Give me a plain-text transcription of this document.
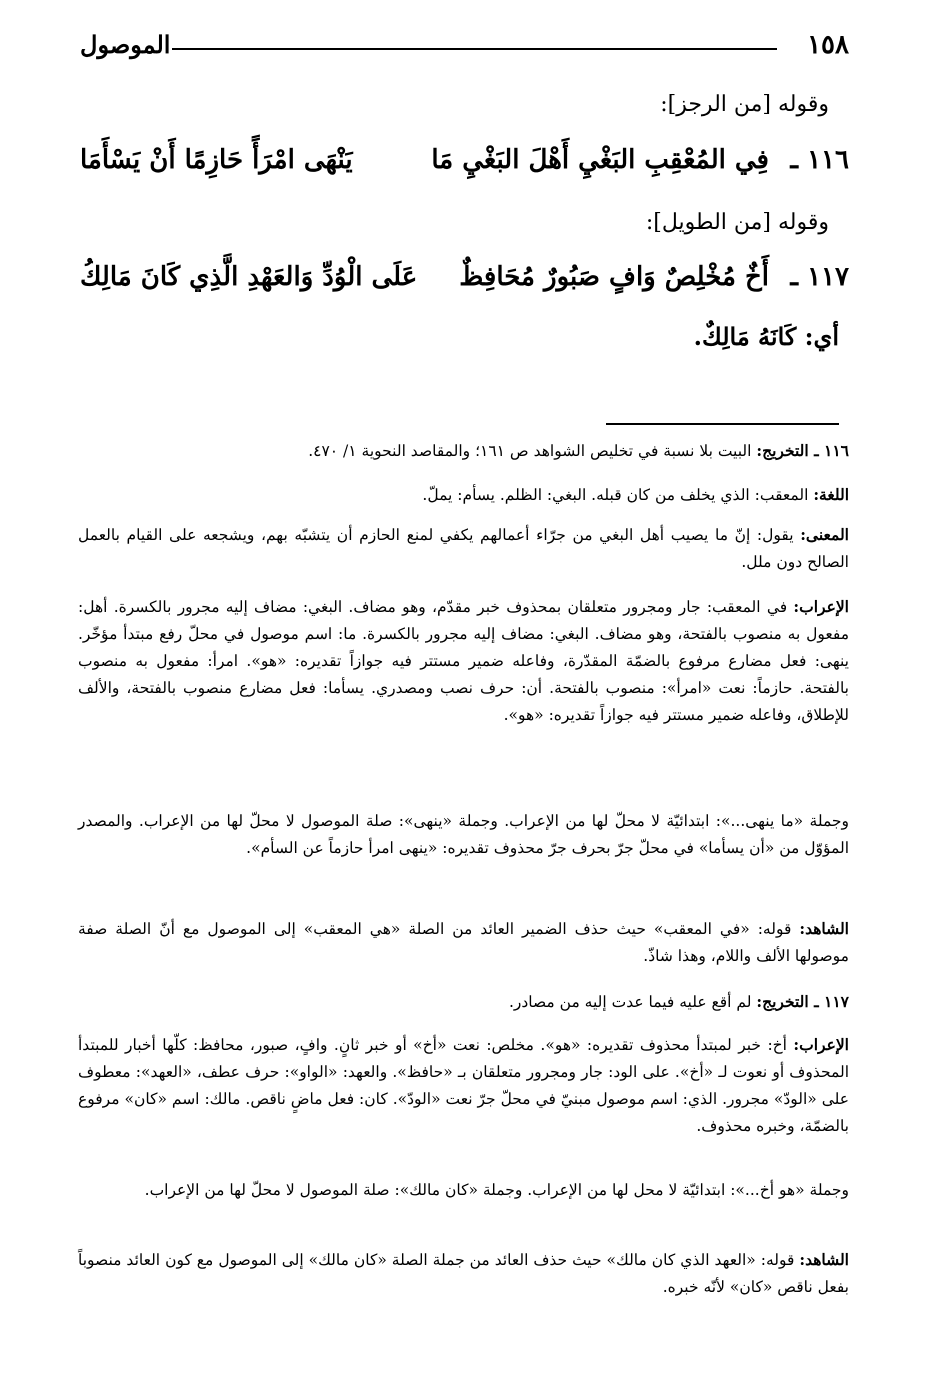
١٥٨
الموصول
وقوله [من الرجز]:
١١٦ ـ
فِي المُعْقِبِ البَغْيِ أَهْلَ البَغْيِ مَا
يَنْهَى امْرَأً حَازِمًا أَنْ يَسْأَمَا
وقوله [من الطويل]:
١١٧ ـ
أَخٌ مُخْلِصٌ وَافٍ صَبُورٌ مُحَافِظٌ
عَلَى الْوُدِّ وَالعَهْدِ الَّذِي كَانَ مَالِكُ
أي: كَانَهُ مَالِكٌ.
١١٦ ـ التخريج: البيت بلا نسبة في تخليص الشواهد ص ١٦١؛ والمقاصد النحوية ١/ ٤٧٠.
اللغة: المعقب: الذي يخلف من كان قبله. البغي: الظلم. يسأم: يملّ.
المعنى: يقول: إنّ ما يصيب أهل البغي من جرّاء أعمالهم يكفي لمنع الحازم أن يتشبّه بهم، ويشجعه على القيام بالعمل الصالح دون ملل.
الإعراب: في المعقب: جار ومجرور متعلقان بمحذوف خبر مقدّم، وهو مضاف. البغي: مضاف إليه مجرور بالكسرة. أهل: مفعول به منصوب بالفتحة، وهو مضاف. البغي: مضاف إليه مجرور بالكسرة. ما: اسم موصول في محلّ رفع مبتدأ مؤخّر. ينهى: فعل مضارع مرفوع بالضمّة المقدّرة، وفاعله ضمير مستتر فيه جوازاً تقديره: «هو». امرأ: مفعول به منصوب بالفتحة. حازماً: نعت «امرأ»: منصوب بالفتحة. أن: حرف نصب ومصدري. يسأما: فعل مضارع منصوب بالفتحة، والألف للإطلاق، وفاعله ضمير مستتر فيه جوازاً تقديره: «هو».
وجملة «ما ينهى...»: ابتدائيّة لا محلّ لها من الإعراب. وجملة «ينهى»: صلة الموصول لا محلّ لها من الإعراب. والمصدر المؤوّل من «أن يسأما» في محلّ جرّ بحرف جرّ محذوف تقديره: «ينهى امرأ حازماً عن السأم».
الشاهد: قوله: «في المعقب» حيث حذف الضمير العائد من الصلة «هي المعقب» إلى الموصول مع أنّ الصلة صفة موصولها الألف واللام، وهذا شاذّ.
١١٧ ـ التخريج: لم أقع عليه فيما عدت إليه من مصادر.
الإعراب: أخ: خبر لمبتدأ محذوف تقديره: «هو». مخلص: نعت «أخ» أو خبر ثانٍ. وافٍ، صبور، محافظ: كلّها أخبار للمبتدأ المحذوف أو نعوت لـ «أخ». على الود: جار ومجرور متعلقان بـ «حافظ». والعهد: «الواو»: حرف عطف، «العهد»: معطوف على «الودّ» مجرور. الذي: اسم موصول مبنيّ في محلّ جرّ نعت «الودّ». كان: فعل ماضٍ ناقص. مالك: اسم «كان» مرفوع بالضمّة، وخبره محذوف.
وجملة «هو أخ...»: ابتدائيّة لا محل لها من الإعراب. وجملة «كان مالك»: صلة الموصول لا محلّ لها من الإعراب.
الشاهد: قوله: «العهد الذي كان مالك» حيث حذف العائد من جملة الصلة «كان مالك» إلى الموصول مع كون العائد منصوباً بفعل ناقص «كان» لأنّه خبره.
